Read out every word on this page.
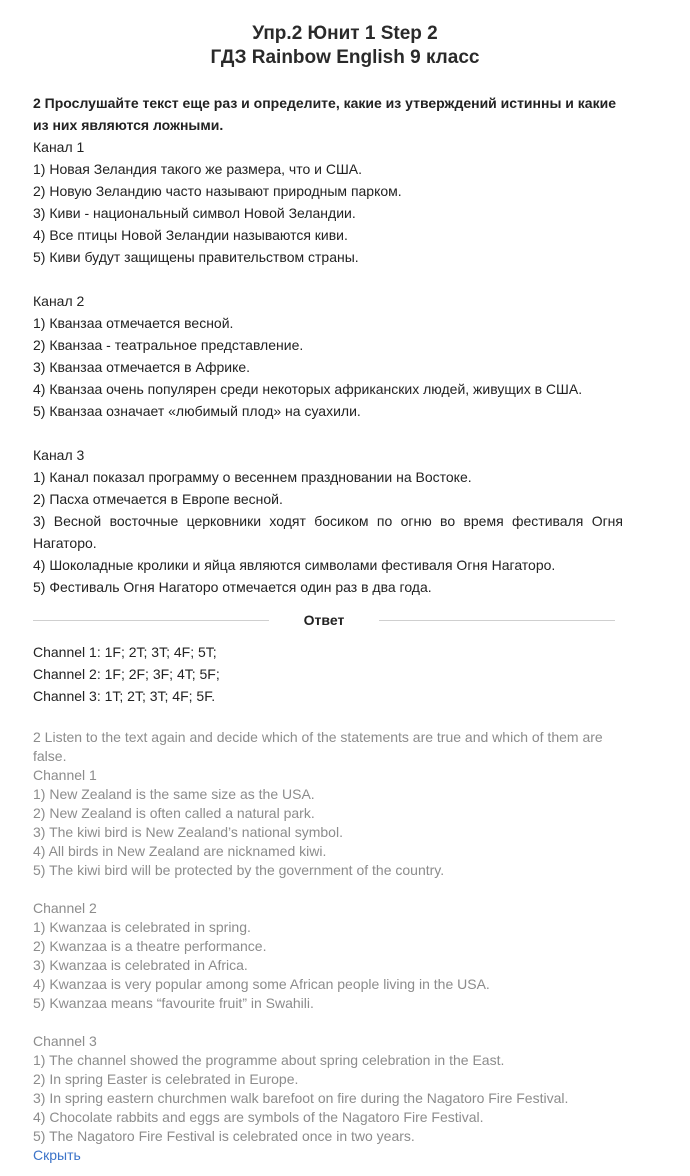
Упр.2 Юнит 1 Step 2
ГДЗ Rainbow English 9 класс

2 Прослушайте текст еще раз и определите, какие из утверждений истинны и какие из них являются ложными.

Канал 1

1) Новая Зеландия такого же размера, что и США.

2) Новую Зеландию часто называют природным парком.

3) Киви - национальный символ Новой Зеландии.

4) Все птицы Новой Зеландии называются киви.

5) Киви будут защищены правительством страны.

Канал 2

1) Кванзаа отмечается весной.

2) Кванзаа - театральное представление.

3) Кванзаа отмечается в Африке.

4) Кванзаа очень популярен среди некоторых африканских людей, живущих в США.

5) Кванзаа означает «любимый плод» на суахили.

Канал 3

1) Канал показал программу о весеннем праздновании на Востоке.

2) Пасха отмечается в Европе весной.

3) Весной восточные церковники ходят босиком по огню во время фестиваля Огня Нагаторо.

4) Шоколадные кролики и яйца являются символами фестиваля Огня Нагаторо.

5) Фестиваль Огня Нагаторо отмечается один раз в два года.

Ответ

Channel 1: 1F; 2T; 3T; 4F; 5T;

Channel 2: 1F; 2F; 3F; 4T; 5F;

Channel 3: 1T; 2T; 3T; 4F; 5F.

2 Listen to the text again and decide which of the statements are true and which of them are false.

Channel 1

1) New Zealand is the same size as the USA.

2) New Zealand is often called a natural park.

3) The kiwi bird is New Zealand’s national symbol.

4) All birds in New Zealand are nicknamed kiwi.

5) The kiwi bird will be protected by the government of the country.

Channel 2

1) Kwanzaa is celebrated in spring.

2) Kwanzaa is a theatre performance.

3) Kwanzaa is celebrated in Africa.

4) Kwanzaa is very popular among some African people living in the USA.

5) Kwanzaa means “favourite fruit” in Swahili.

Channel 3

1) The channel showed the programme about spring celebration in the East.

2) In spring Easter is celebrated in Europe.

3) In spring eastern churchmen walk barefoot on fire during the Nagatoro Fire Festival.

4) Chocolate rabbits and eggs are symbols of the Nagatoro Fire Festival.

5) The Nagatoro Fire Festival is celebrated once in two years.

Скрыть
